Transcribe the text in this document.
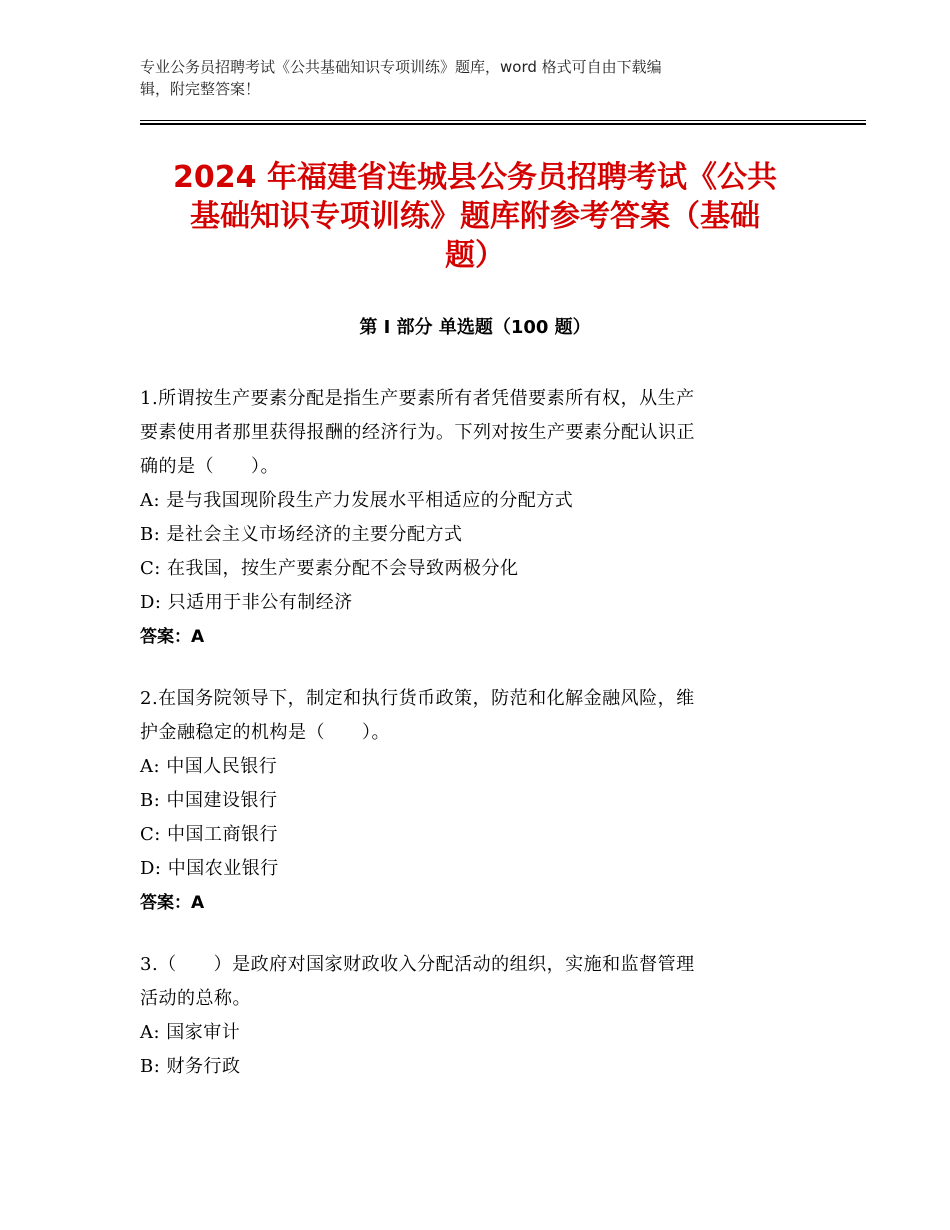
专业公务员招聘考试《公共基础知识专项训练》题库，word 格式可自由下载编
辑，附完整答案！
2024 年福建省连城县公务员招聘考试《公共
基础知识专项训练》题库附参考答案（基础
题）
第 I 部分 单选题（100 题）
1.所谓按生产要素分配是指生产要素所有者凭借要素所有权，从生产
要素使用者那里获得报酬的经济行为。下列对按生产要素分配认识正
确的是（　　）。
A: 是与我国现阶段生产力发展水平相适应的分配方式
B: 是社会主义市场经济的主要分配方式
C: 在我国，按生产要素分配不会导致两极分化
D: 只适用于非公有制经济
答案：A
2.在国务院领导下，制定和执行货币政策，防范和化解金融风险，维
护金融稳定的机构是（　　）。
A: 中国人民银行
B: 中国建设银行
C: 中国工商银行
D: 中国农业银行
答案：A
3.（　　）是政府对国家财政收入分配活动的组织，实施和监督管理
活动的总称。
A: 国家审计
B: 财务行政
